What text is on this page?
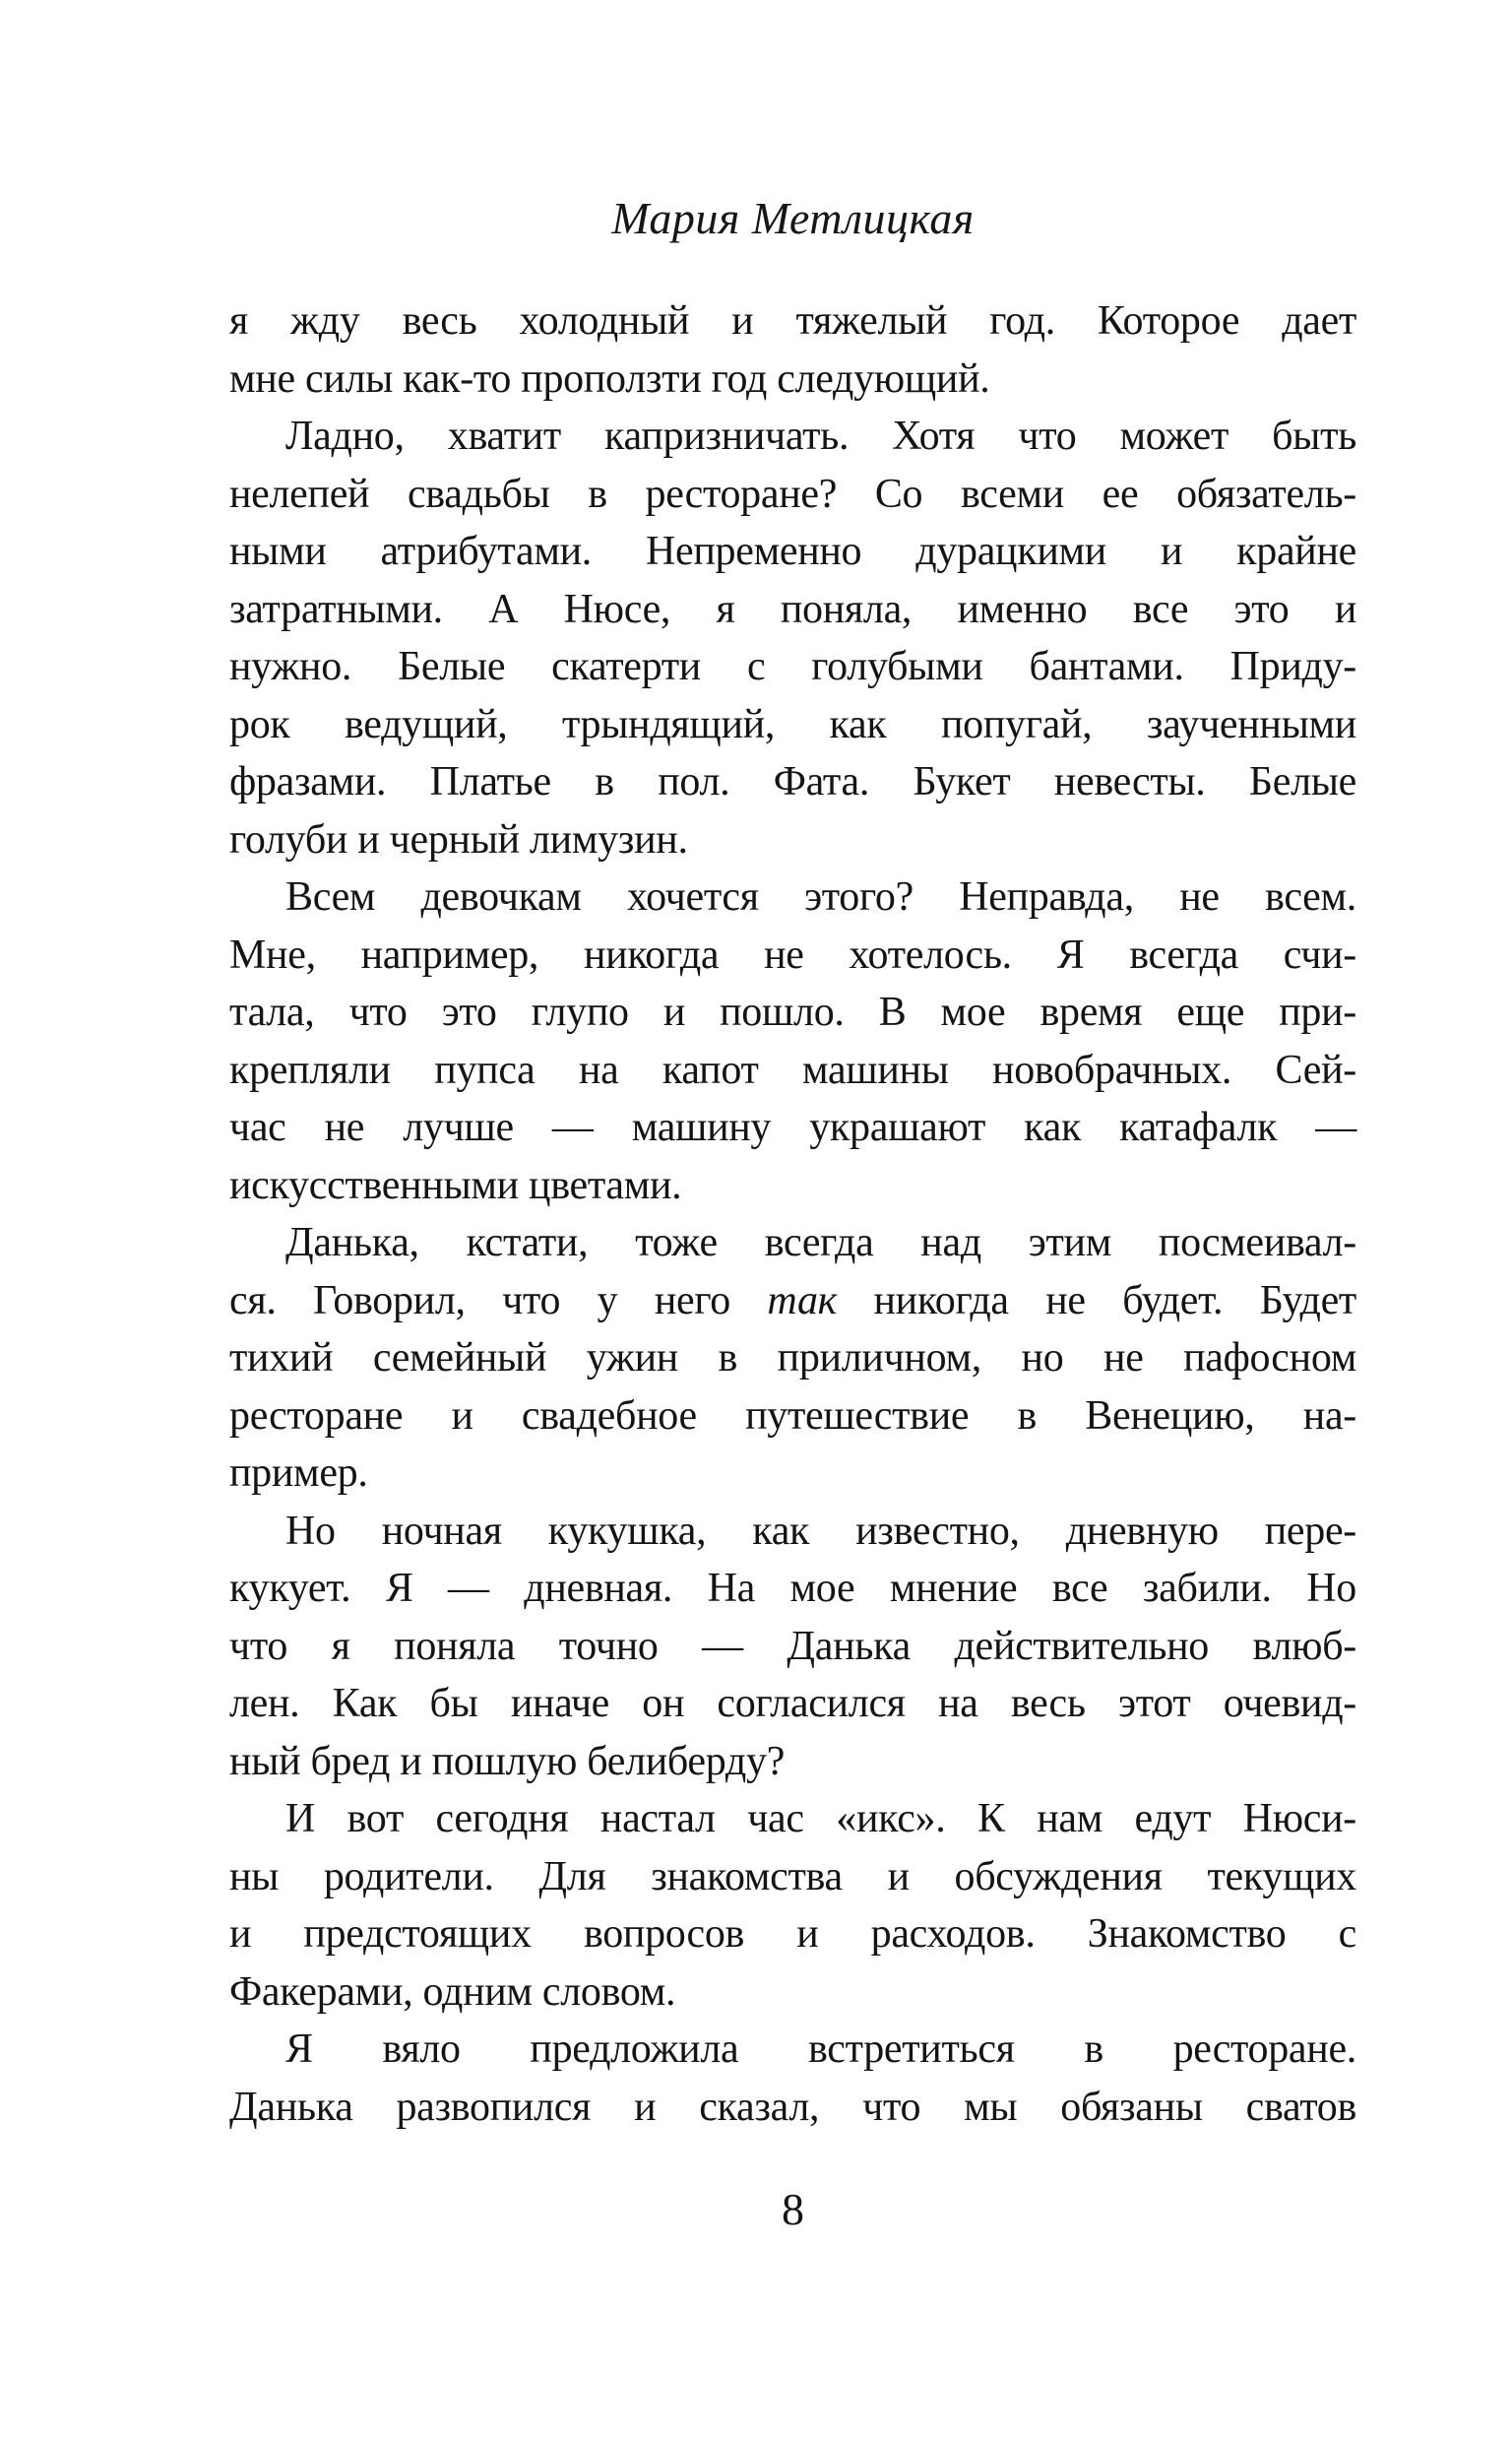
Мария Метлицкая
я жду весь холодный и тяжелый год. Которое дает
мне силы как-то проползти год следующий.
Ладно, хватит капризничать. Хотя что может быть
нелепей свадьбы в ресторане? Со всеми ее обязатель-
ными атрибутами. Непременно дурацкими и крайне
затратными. А Нюсе, я поняла, именно все это и
нужно. Белые скатерти с голубыми бантами. Приду-
рок ведущий, трындящий, как попугай, заученными
фразами. Платье в пол. Фата. Букет невесты. Белые
голуби и черный лимузин.
Всем девочкам хочется этого? Неправда, не всем.
Мне, например, никогда не хотелось. Я всегда счи-
тала, что это глупо и пошло. В мое время еще при-
крепляли пупса на капот машины новобрачных. Сей-
час не лучше — машину украшают как катафалк —
искусственными цветами.
Данька, кстати, тоже всегда над этим посмеивал-
ся. Говорил, что у него так никогда не будет. Будет
тихий семейный ужин в приличном, но не пафосном
ресторане и свадебное путешествие в Венецию, на-
пример.
Но ночная кукушка, как известно, дневную пере-
кукует. Я — дневная. На мое мнение все забили. Но
что я поняла точно — Данька действительно влюб-
лен. Как бы иначе он согласился на весь этот очевид-
ный бред и пошлую белиберду?
И вот сегодня настал час «икс». К нам едут Нюси-
ны родители. Для знакомства и обсуждения текущих
и предстоящих вопросов и расходов. Знакомство с
Факерами, одним словом.
Я вяло предложила встретиться в ресторане.
Данька развопился и сказал, что мы обязаны сватов
8
